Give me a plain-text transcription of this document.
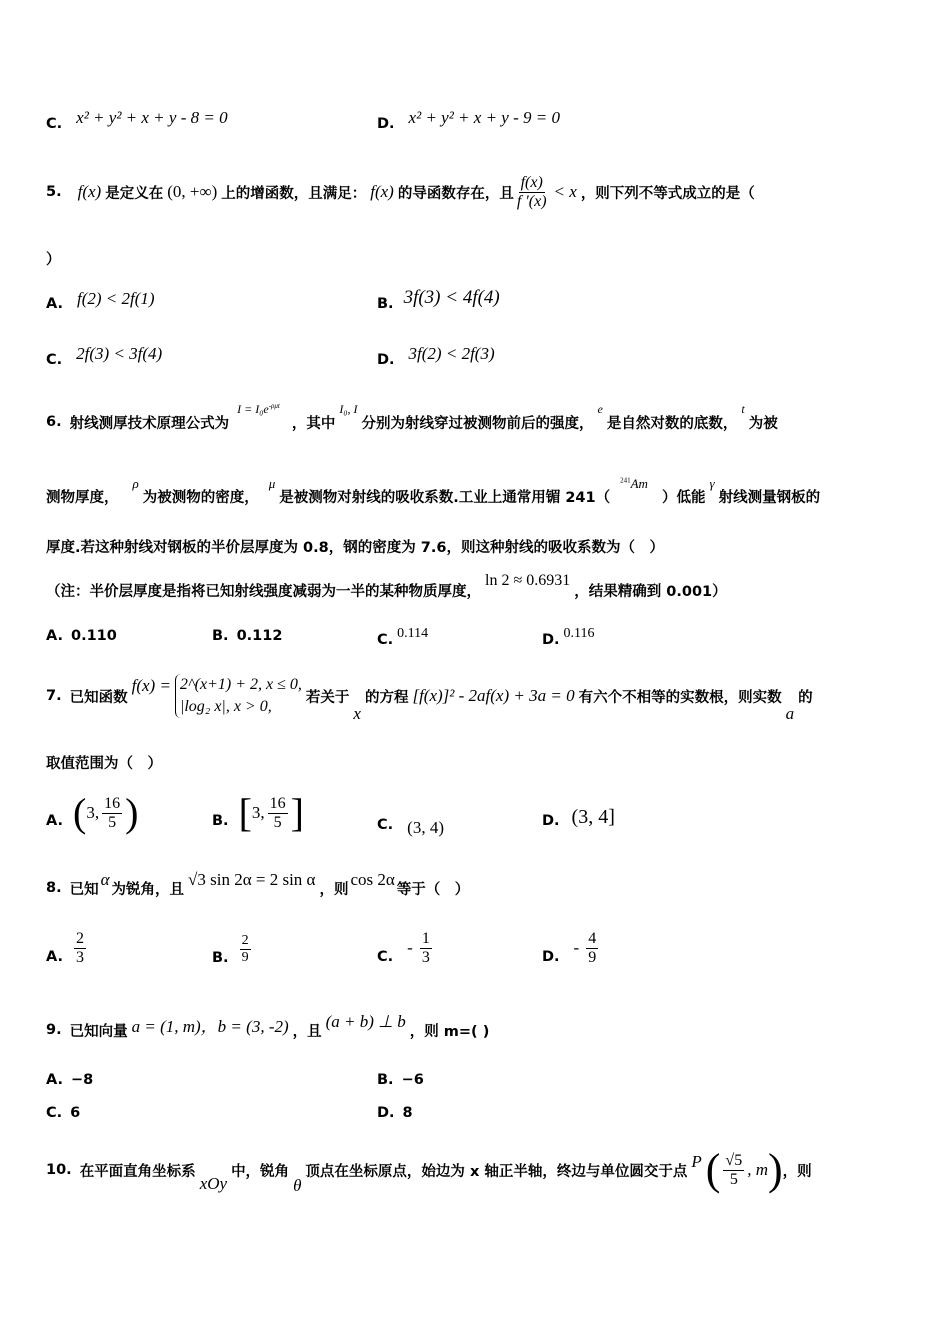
C. x² + y² + x + y - 8 = 0	D. x² + y² + x + y - 9 = 0
5. f(x) 是定义在 (0, +∞) 上的增函数，且满足： f(x) 的导函数存在，且 $\frac{f(x)}{f '(x)} < x$ ，则下列不等式成立的是（
）
A. f(2) < 2f(1)	B. 3f(3) < 4f(4)
C. 2f(3) < 3f(4)	D. 3f(2) < 2f(3)
6. 射线测厚技术原理公式为
$I = I_0e^{-\rho\mu t}$
，其中
I₀, I
分别为射线穿过被测物前后的强度，
e
是自然对数的底数，
t
为被
测物厚度，
ρ
为被测物的密度，
μ
是被测物对射线的吸收系数.工业上通常用镅 241（
$^{241}$Am
）低能
γ
射线测量钢板的
厚度.若这种射线对钢板的半价层厚度为 0.8，钢的密度为 7.6，则这种射线的吸收系数为（　）
（注：半价层厚度是指将已知射线强度减弱为一半的某种物质厚度，
ln 2 ≈ 0.6931
，结果精确到 0.001）
A. 0.110	B. 0.112	C. 0.114	D. 0.116
7. 已知函数
f(x) = 2^(x+1) + 2, x ≤ 0,
|log₂ x|, x > 0,
若关于
x
的方程 [f(x)]² - 2af(x) + 3a = 0 有六个不相等的实数根，则实数
a
的
取值范围为（　）
A. ( 3, $\frac{16}{5}$ )	B. [ 3, $\frac{16}{5}$ ]	C. (3, 4)	D. (3, 4]
8. 已知
α
为锐角，且
√3 sin 2α = 2 sin α
，则
cos 2α
等于（　）
A. $\frac{2}{3}$	B. $\frac{2}{9}$	C. - $\frac{1}{3}$	D. - $\frac{4}{9}$
9. 已知向量 a = (1, m)，b = (3, -2) ，且
(a + b) ⊥ b
，则 m=( )
A. −8	B. −6
C. 6	D. 8
10. 在平面直角坐标系
xOy
中，锐角
θ
顶点在坐标原点，始边为 x 轴正半轴，终边与单位圆交于点
P ( $\frac{√5}{5}$ , m ) ，则
